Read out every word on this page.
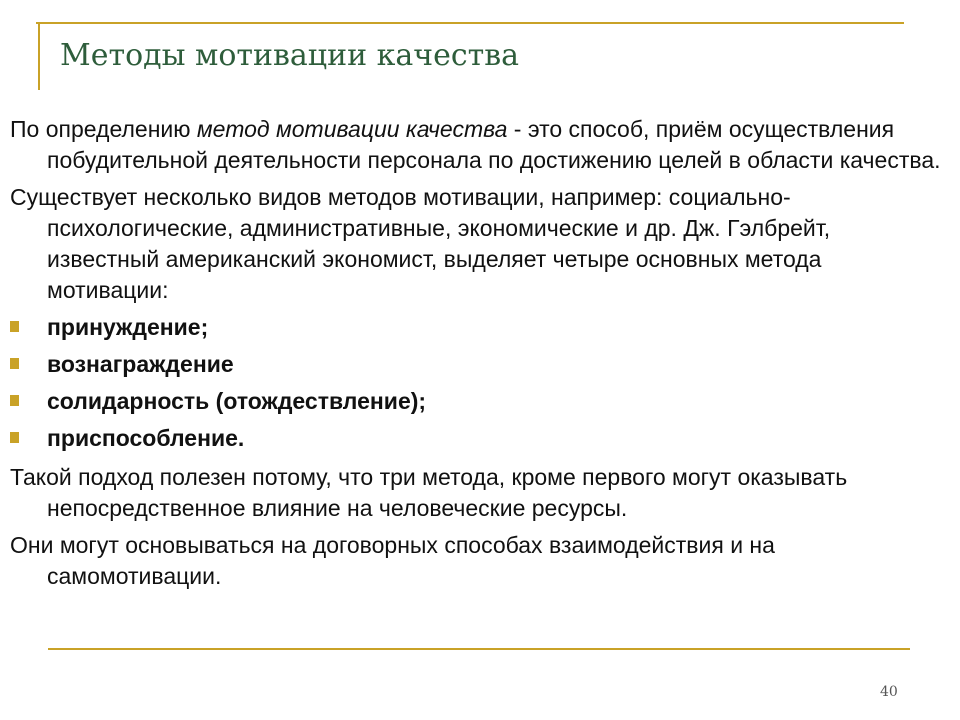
Методы мотивации качества

По определению метод мотивации качества - это способ, приём осуществления побудительной деятельности персонала по достижению целей в области качества.

Существует несколько видов методов мотивации, например: социально-психологические, административные, экономические и др. Дж. Гэлбрейт, известный американский экономист, выделяет четыре основных метода мотивации:

принуждение;
вознаграждение
солидарность (отождествление);
приспособление.

Такой подход полезен потому, что три метода, кроме первого могут оказывать непосредственное влияние на человеческие ресурсы.

Они могут основываться на договорных способах взаимодействия и на самомотивации.

40
